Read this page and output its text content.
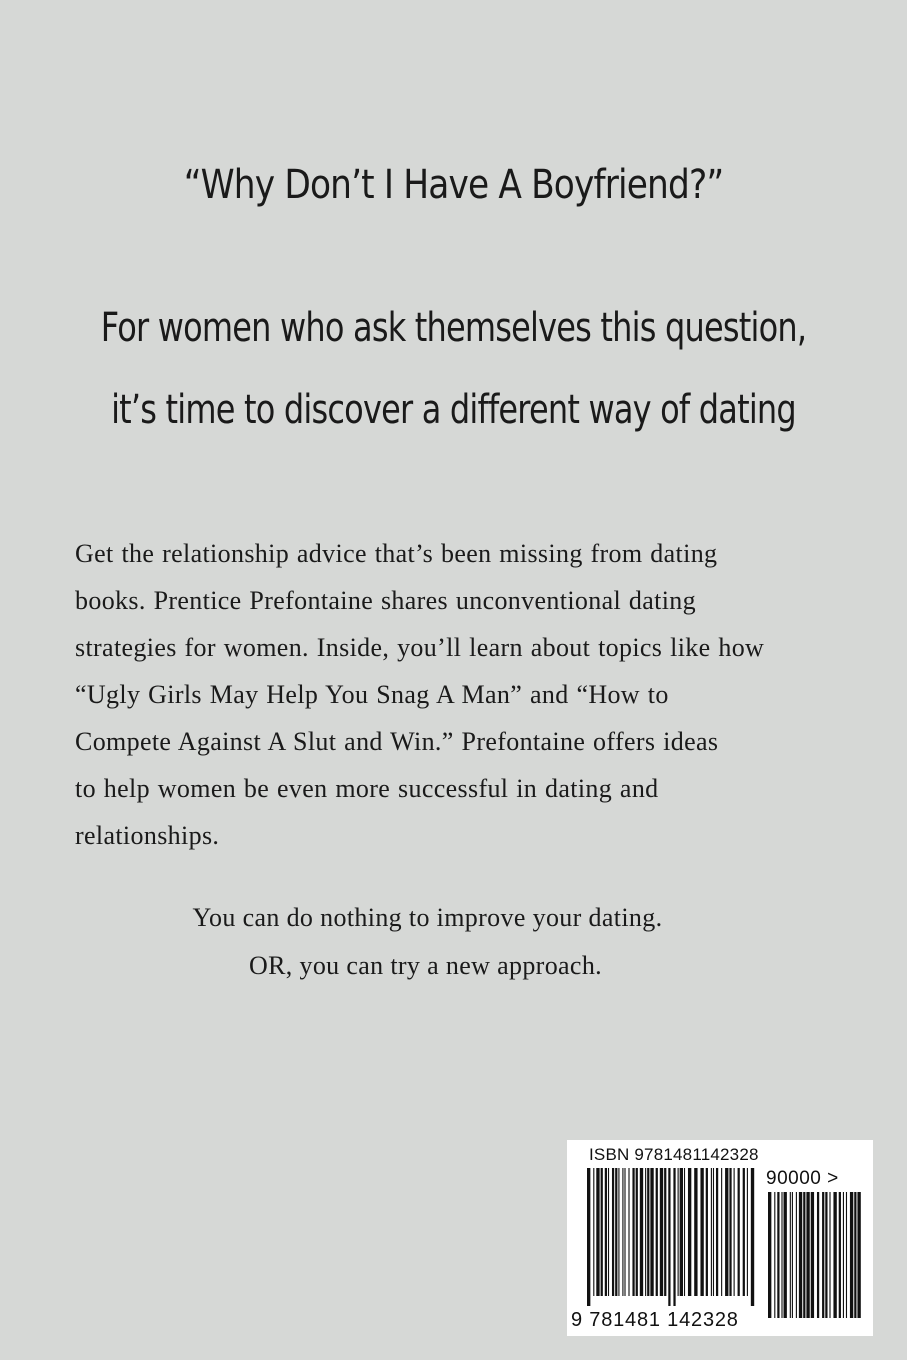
“Why Don’t I Have A Boyfriend?”
For women who ask themselves this question,
it’s time to discover a different way of dating
Get the relationship advice that’s been missing from dating
books. Prentice Prefontaine shares unconventional dating
strategies for women. Inside, you’ll learn about topics like how
“Ugly Girls May Help You Snag A Man” and “How to
Compete Against A Slut and Win.” Prefontaine offers ideas
to help women be even more successful in dating and
relationships.
You can do nothing to improve your dating.
OR, you can try a new approach.
ISBN 9781481142328
90000 >
9 781481 142328
